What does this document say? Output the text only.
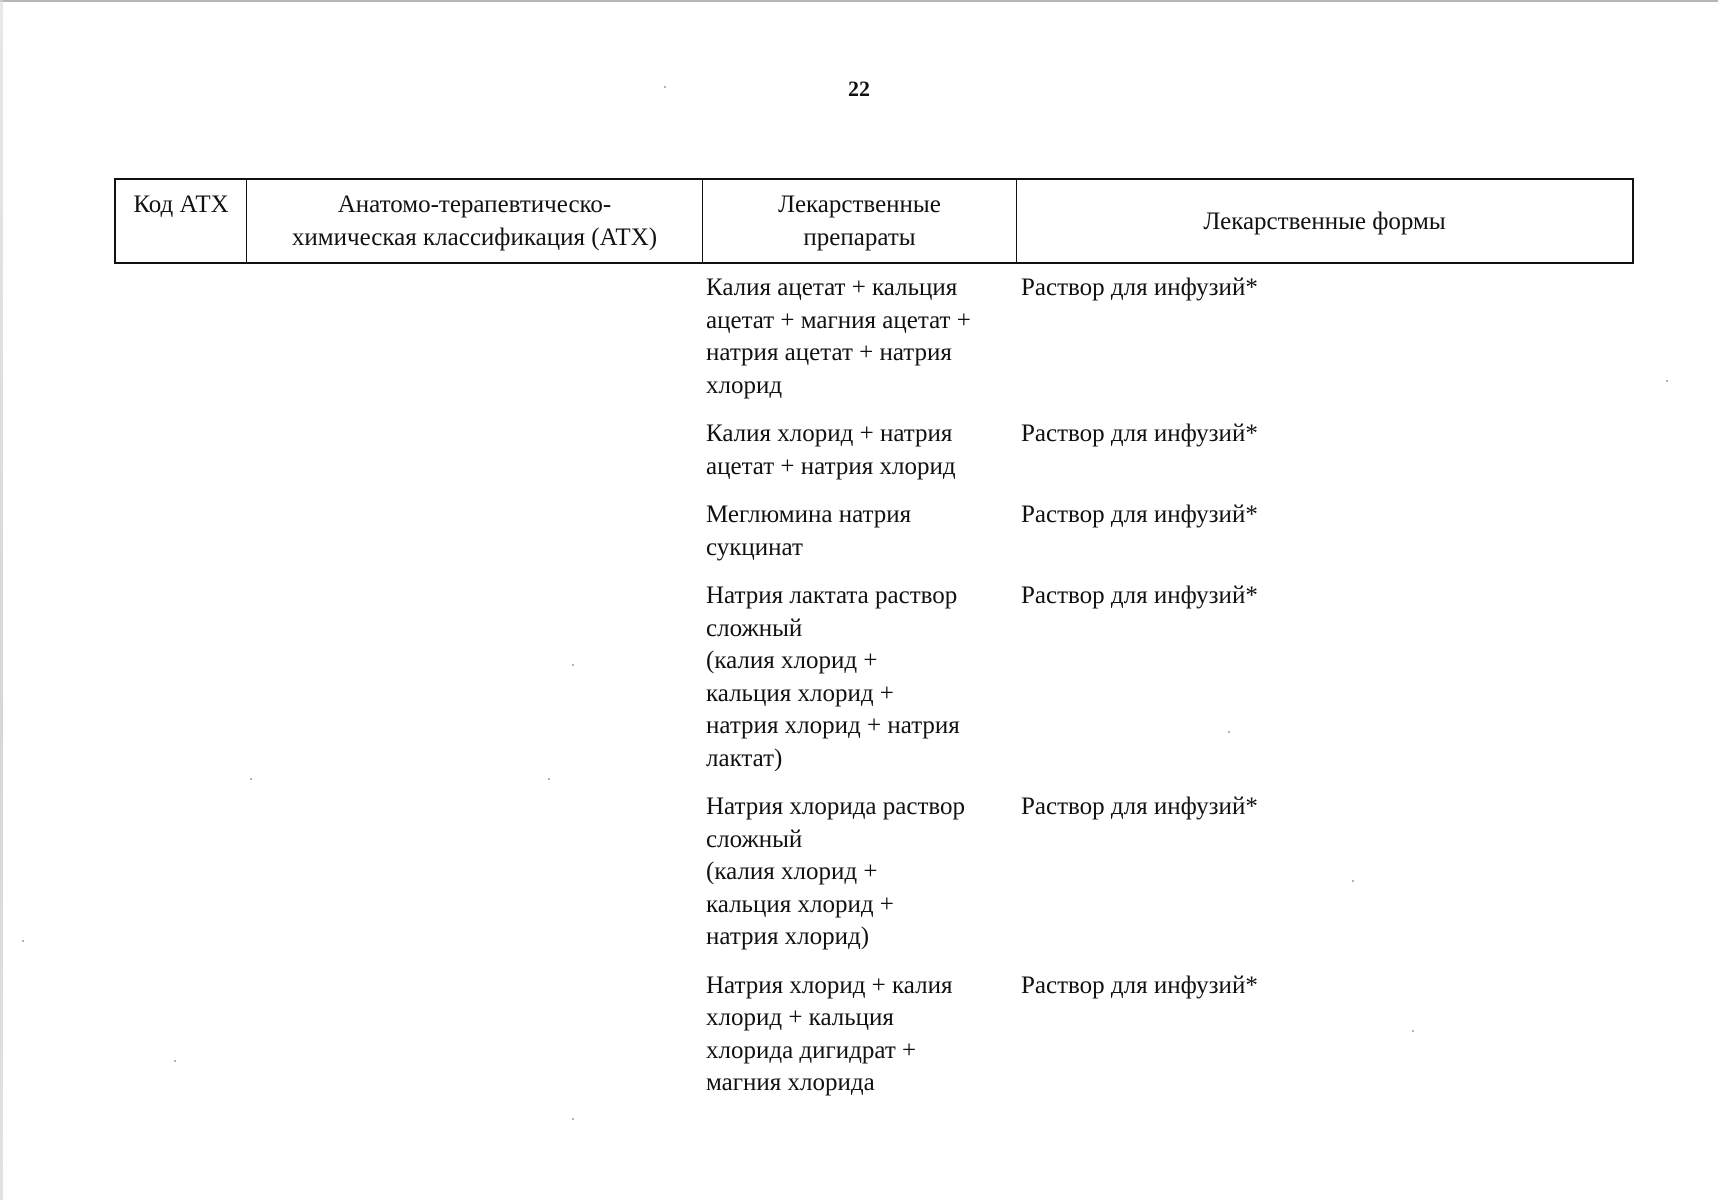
22
Код АТХ	Анатомо-терапевтическо-
химическая классификация (АТХ)
Лекарственные
препараты
Лекарственные формы
Калия ацетат + кальция
ацетат + магния ацетат +
натрия ацетат + натрия
хлорид
Раствор для инфузий*
Калия хлорид + натрия
ацетат + натрия хлорид
Раствор для инфузий*
Меглюмина натрия
сукцинат
Раствор для инфузий*
Натрия лактата раствор
сложный
(калия хлорид +
кальция хлорид +
натрия хлорид + натрия
лактат)
Раствор для инфузий*
Натрия хлорида раствор
сложный
(калия хлорид +
кальция хлорид +
натрия хлорид)
Раствор для инфузий*
Натрия хлорид + калия
хлорид + кальция
хлорида дигидрат +
магния хлорида
Раствор для инфузий*
